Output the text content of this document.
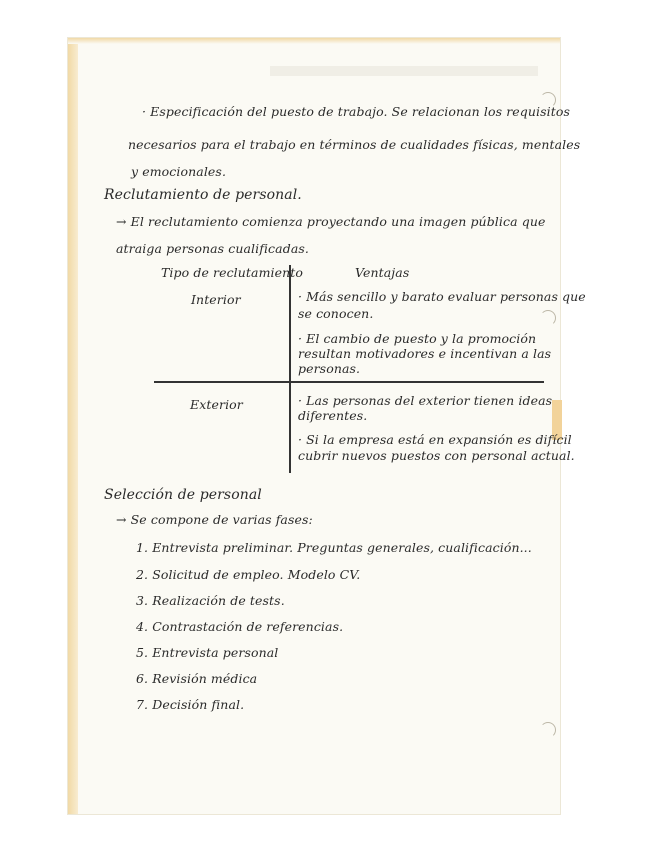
· Especificación del puesto de trabajo. Se relacionan los requisitos
necesarios para el trabajo en términos de cualidades físicas, mentales
y emocionales.
Reclutamiento de personal.
→ El reclutamiento comienza proyectando una imagen pública que
atraiga personas cualificadas.
Tipo de reclutamiento	Ventajas
Interior	· Más sencillo y barato evaluar personas que
se conocen.
· El cambio de puesto y la promoción
resultan motivadores e incentivan a las
personas.
Exterior	· Las personas del exterior tienen ideas
diferentes.
· Si la empresa está en expansión es difícil
cubrir nuevos puestos con personal actual.
Selección de personal
→ Se compone de varias fases:
1. Entrevista preliminar. Preguntas generales, cualificación...
2. Solicitud de empleo. Modelo CV.
3. Realización de tests.
4. Contrastación de referencias.
5. Entrevista personal
6. Revisión médica
7. Decisión final.
